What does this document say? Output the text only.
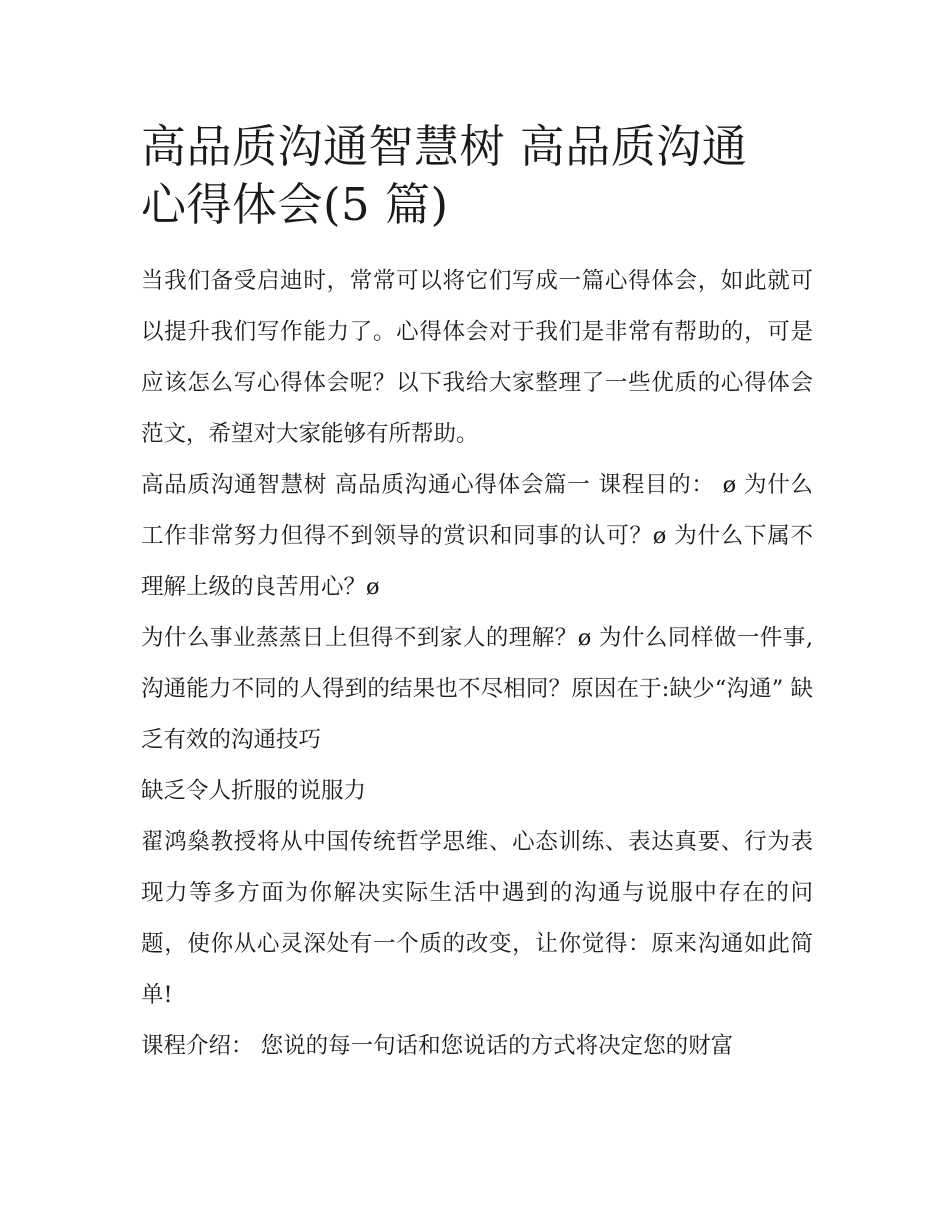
高品质沟通智慧树 高品质沟通
心得体会(5 篇)

当我们备受启迪时，常常可以将它们写成一篇心得体会，如此就可以提升我们写作能力了。心得体会对于我们是非常有帮助的，可是应该怎么写心得体会呢？以下我给大家整理了一些优质的心得体会范文，希望对大家能够有所帮助。

高品质沟通智慧树 高品质沟通心得体会篇一 课程目的： ø 为什么工作非常努力但得不到领导的赏识和同事的认可？ø 为什么下属不理解上级的良苦用心？ø

为什么事业蒸蒸日上但得不到家人的理解？ø 为什么同样做一件事,沟通能力不同的人得到的结果也不尽相同？原因在于:缺少“沟通” 缺乏有效的沟通技巧

缺乏令人折服的说服力

翟鸿燊教授将从中国传统哲学思维、心态训练、表达真要、行为表现力等多方面为你解决实际生活中遇到的沟通与说服中存在的问题，使你从心灵深处有一个质的改变，让你觉得：原来沟通如此简单!

课程介绍： 您说的每一句话和您说话的方式将决定您的财富
